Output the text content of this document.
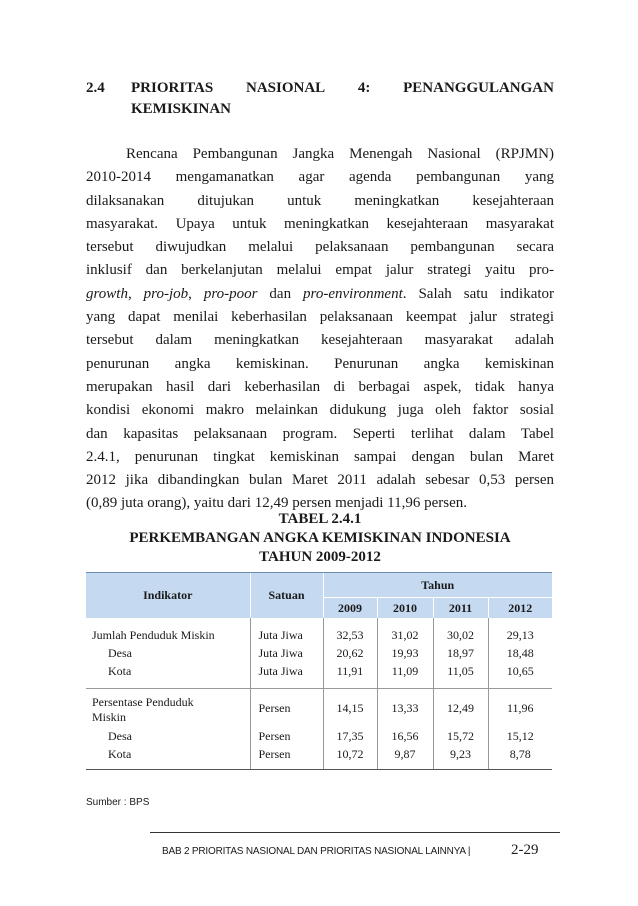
2.4 PRIORITAS NASIONAL 4: PENANGGULANGAN
KEMISKINAN
Rencana Pembangunan Jangka Menengah Nasional (RPJMN)
2010-2014 mengamanatkan agar agenda pembangunan yang
dilaksanakan ditujukan untuk meningkatkan kesejahteraan
masyarakat. Upaya untuk meningkatkan kesejahteraan masyarakat
tersebut diwujudkan melalui pelaksanaan pembangunan secara
inklusif dan berkelanjutan melalui empat jalur strategi yaitu pro-
growth, pro-job, pro-poor dan pro-environment. Salah satu indikator
yang dapat menilai keberhasilan pelaksanaan keempat jalur strategi
tersebut dalam meningkatkan kesejahteraan masyarakat adalah
penurunan angka kemiskinan. Penurunan angka kemiskinan
merupakan hasil dari keberhasilan di berbagai aspek, tidak hanya
kondisi ekonomi makro melainkan didukung juga oleh faktor sosial
dan kapasitas pelaksanaan program. Seperti terlihat dalam Tabel
2.4.1, penurunan tingkat kemiskinan sampai dengan bulan Maret
2012 jika dibandingkan bulan Maret 2011 adalah sebesar 0,53 persen
(0,89 juta orang), yaitu dari 12,49 persen menjadi 11,96 persen.
TABEL 2.4.1
PERKEMBANGAN ANGKA KEMISKINAN INDONESIA
TAHUN 2009-2012
Indikator	Satuan	Tahun			
		2009	2010	2011	2012

Jumlah Penduduk Miskin	Juta Jiwa	32,53	31,02	30,02	29,13
Desa	Juta Jiwa	20,62	19,93	18,97	18,48
Kota	Juta Jiwa	11,91	11,09	11,05	10,65

Persentase Penduduk
Miskin	Persen	14,15	13,33	12,49	11,96
Desa	Persen	17,35	16,56	15,72	15,12
Kota	Persen	10,72	9,87	9,23	8,78

Sumber : BPS
BAB 2 PRIORITAS NASIONAL DAN PRIORITAS NASIONAL LAINNYA |	2-29
